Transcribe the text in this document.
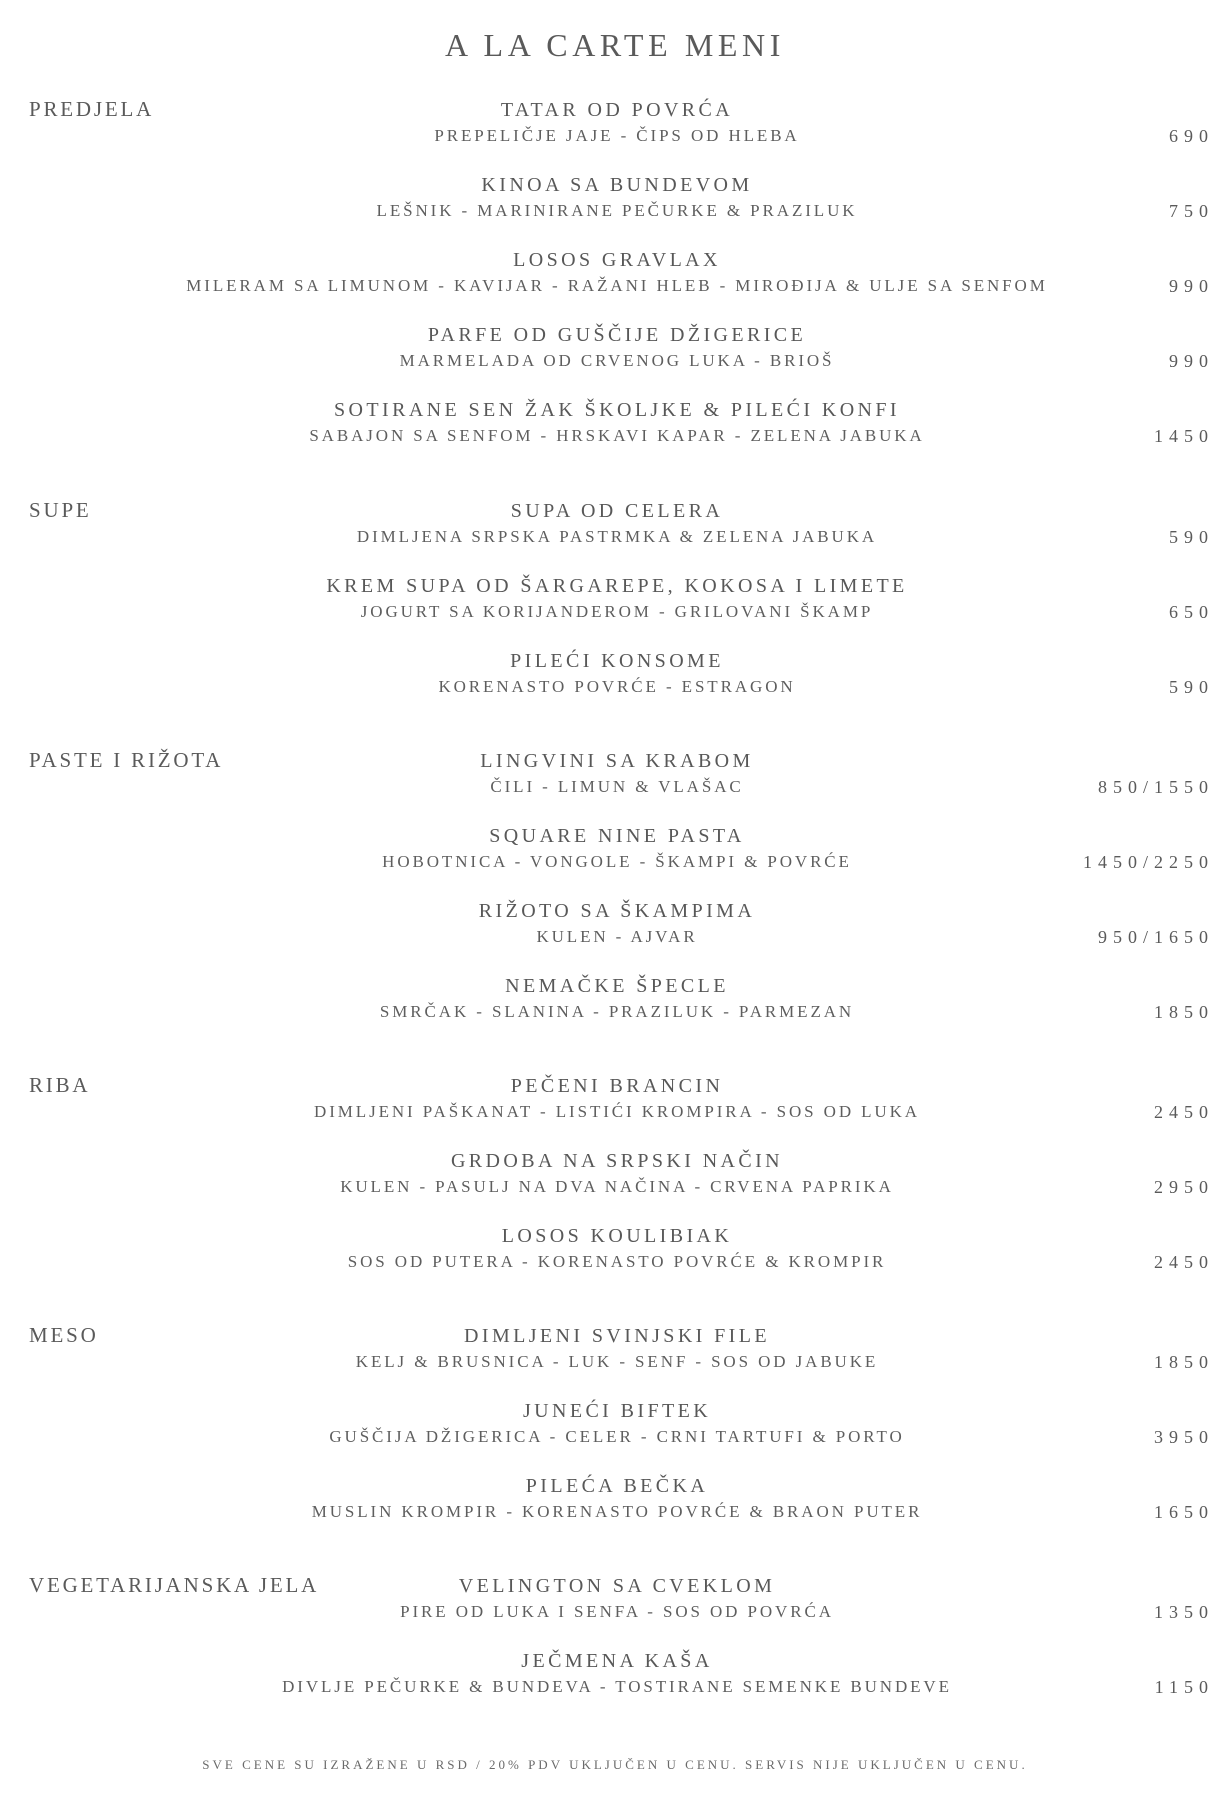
A LA CARTE MENI
PREDJELA	TATAR OD POVRĆA
PREPELIČJE JAJE - ČIPS OD HLEBA	690
KINOA SA BUNDEVOM
LEŠNIK - MARINIRANE PEČURKE & PRAZILUK	750
LOSOS GRAVLAX
MILERAM SA LIMUNOM - KAVIJAR - RAŽANI HLEB - MIROĐIJA & ULJE SA SENFOM	990
PARFE OD GUŠČIJE DŽIGERICE
MARMELADA OD CRVENOG LUKA - BRIOŠ	990
SOTIRANE SEN ŽAK ŠKOLJKE & PILEĆI KONFI
SABAJON SA SENFOM - HRSKAVI KAPAR - ZELENA JABUKA	1450
SUPE	SUPA OD CELERA
DIMLJENA SRPSKA PASTRMKA & ZELENA JABUKA	590
KREM SUPA OD ŠARGAREPE, KOKOSA I LIMETE
JOGURT SA KORIJANDEROM - GRILOVANI ŠKAMP	650
PILEĆI KONSOME
KORENASTO POVRĆE - ESTRAGON	590
PASTE I RIŽOTA	LINGVINI SA KRABOM
ČILI - LIMUN & VLAŠAC	850/1550
SQUARE NINE PASTA
HOBOTNICA - VONGOLE - ŠKAMPI & POVRĆE	1450/2250
RIŽOTO SA ŠKAMPIMA
KULEN - AJVAR	950/1650
NEMAČKE ŠPECLE
SMRČAK - SLANINA - PRAZILUK - PARMEZAN	1850
RIBA	PEČENI BRANCIN
DIMLJENI PAŠKANAT - LISTIĆI KROMPIRA - SOS OD LUKA	2450
GRDOBA NA SRPSKI NAČIN
KULEN - PASULJ NA DVA NAČINA - CRVENA PAPRIKA	2950
LOSOS KOULIBIAK
SOS OD PUTERA - KORENASTO POVRĆE & KROMPIR	2450
MESO	DIMLJENI SVINJSKI FILE
KELJ & BRUSNICA - LUK - SENF - SOS OD JABUKE	1850
JUNEĆI BIFTEK
GUŠČIJA DŽIGERICA - CELER - CRNI TARTUFI & PORTO	3950
PILEĆA BEČKA
MUSLIN KROMPIR - KORENASTO POVRĆE & BRAON PUTER	1650
VEGETARIJANSKA JELA	VELINGTON SA CVEKLOM
PIRE OD LUKA I SENFA - SOS OD POVRĆA	1350
JEČMENA KAŠA
DIVLJE PEČURKE & BUNDEVA - TOSTIRANE SEMENKE BUNDEVE	1150
SVE CENE SU IZRAŽENE U RSD / 20% PDV UKLJUČEN U CENU. SERVIS NIJE UKLJUČEN U CENU.
